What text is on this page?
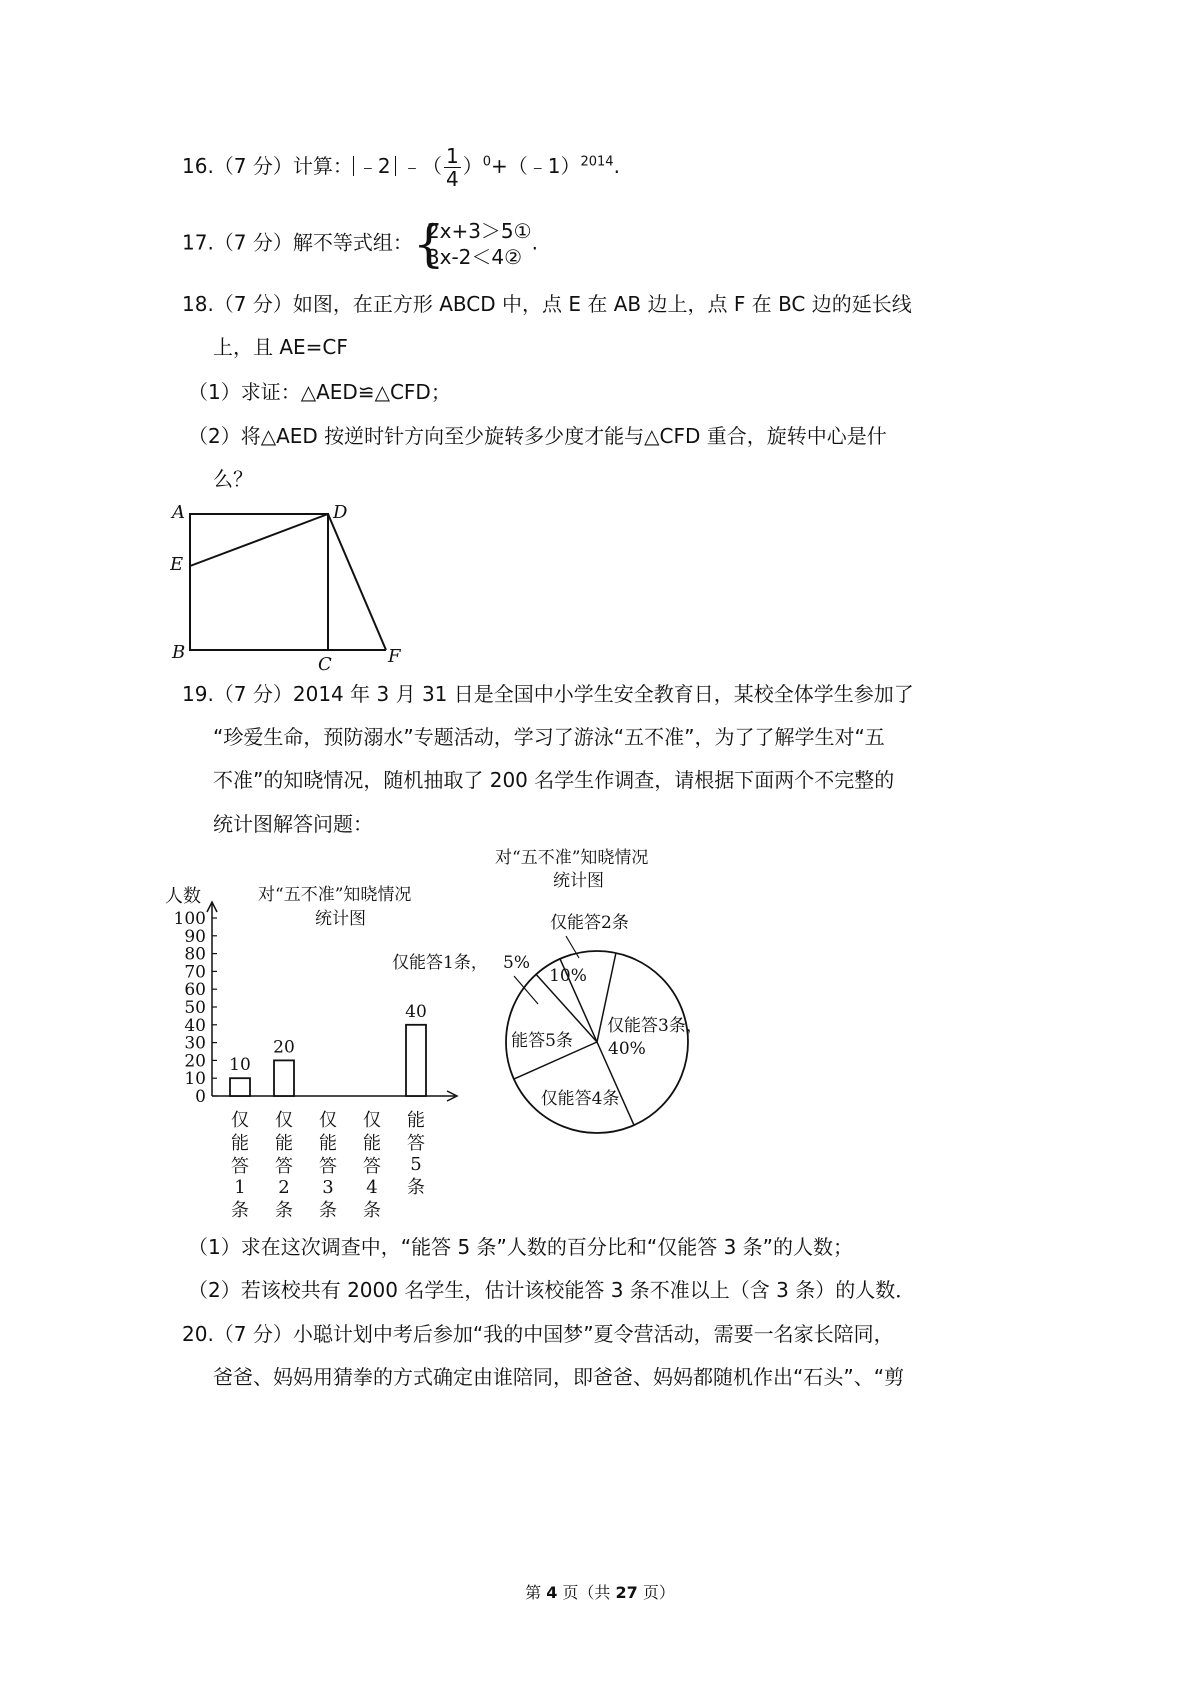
16.（7 分）计算： ﹣2 ﹣（ $\frac{1}{4}$ ）$^0$+（﹣1）$^{2014}$.
17.（7 分）解不等式组： {
2x+3＞5①
3x-2＜4②
.
18.（7 分）如图，在正方形 ABCD 中，点 E 在 AB 边上，点 F 在 BC 边的延长线
上，且 AE=CF
（1）求证：△AED≌△CFD；
（2）将△AED 按逆时针方向至少旋转多少度才能与△CFD 重合，旋转中心是什
么？
A	D
E
B
C	F
19.（7 分）2014 年 3 月 31 日是全国中小学生安全教育日，某校全体学生参加了
“珍爱生命，预防溺水”专题活动，学习了游泳“五不准”，为了了解学生对“五
不准”的知晓情况，随机抽取了 200 名学生作调查，请根据下面两个不完整的
统计图解答问题：
对“五不准”知晓情况
统计图
人数
0
10
20
30
40
50
60
70
80
90
100
10
仅能答 1 条
20
仅能答 2 条
仅能答 3 条
仅能答 4 条
40
能答 5 条
对“五不准”知晓情况
统计图
仅能答3条，
40%
仅能答4条
能答5条
仅能答2条
10%
仅能答1条， 5%
（1）求在这次调查中，“能答 5 条”人数的百分比和“仅能答 3 条”的人数；
（2）若该校共有 2000 名学生，估计该校能答 3 条不准以上（含 3 条）的人数．
20.（7 分）小聪计划中考后参加“我的中国梦”夏令营活动，需要一名家长陪同，
爸爸、妈妈用猜拳的方式确定由谁陪同，即爸爸、妈妈都随机作出“石头”、“剪
第 4 页（共 27 页）
